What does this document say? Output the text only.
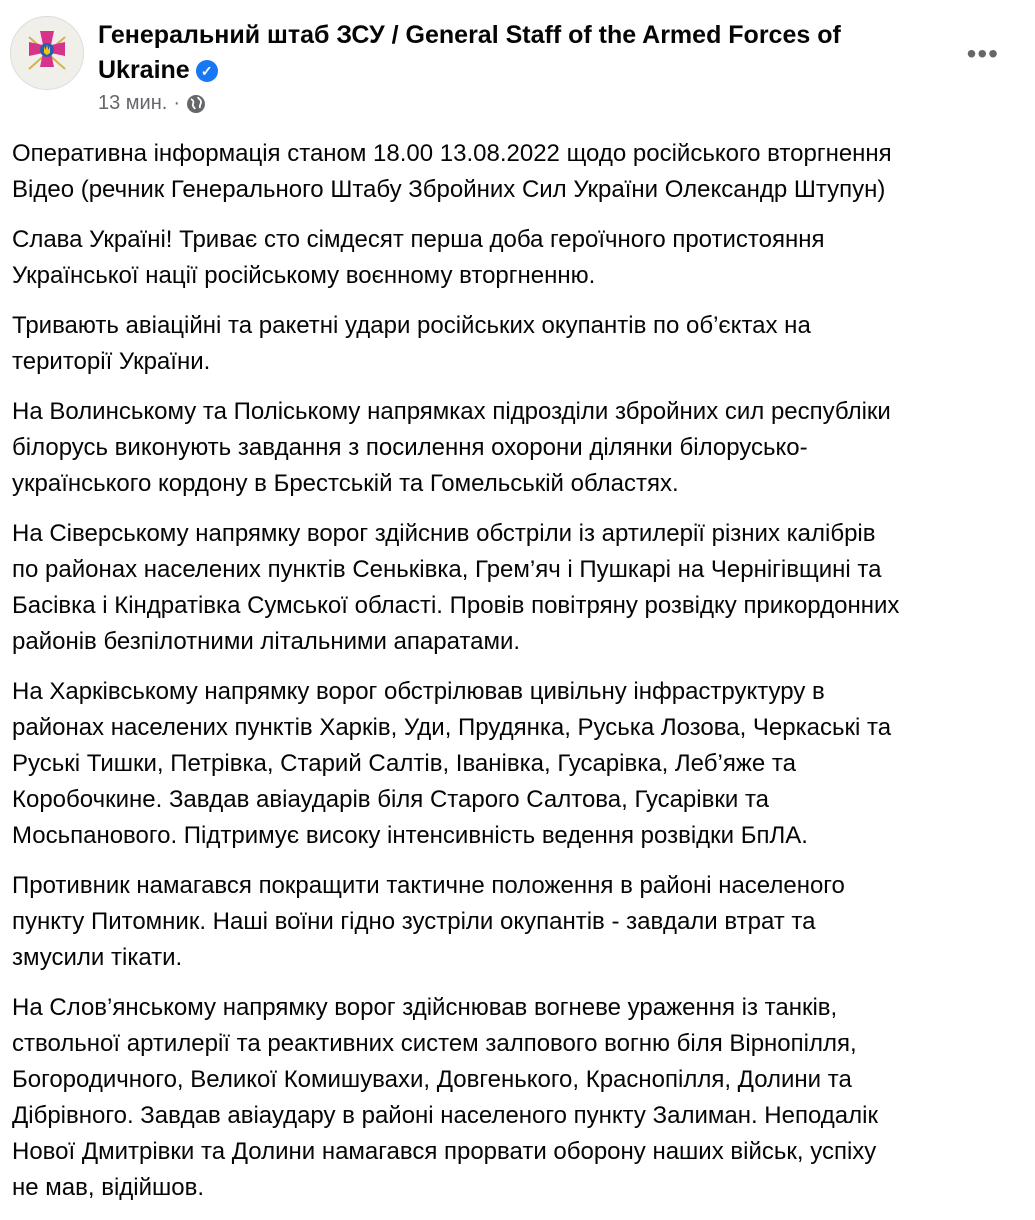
Генеральний штаб ЗСУ / General Staff of the Armed Forces of
Ukraine ✓
13 мин. ·
•••
Оперативна інформація станом 18.00 13.08.2022 щодо російського вторгнення
Відео (речник Генерального Штабу Збройних Сил України Олександр Штупун)
Слава Україні! Триває сто сімдесят перша доба героїчного протистояння
Української нації російському воєнному вторгненню.
Тривають авіаційні та ракетні удари російських окупантів по об’єктах на
території України.
На Волинському та Поліському напрямках підрозділи збройних сил республіки
білорусь виконують завдання з посилення охорони ділянки білорусько-
українського кордону в Брестській та Гомельській областях.
На Сіверському напрямку ворог здійснив обстріли із артилерії різних калібрів
по районах населених пунктів Сеньківка, Грем’яч і Пушкарі на Чернігівщині та
Басівка і Кіндратівка Сумської області. Провів повітряну розвідку прикордонних
районів безпілотними літальними апаратами.
На Харківському напрямку ворог обстрілював цивільну інфраструктуру в
районах населених пунктів Харків, Уди, Прудянка, Руська Лозова, Черкаські та
Руські Тишки, Петрівка, Старий Салтів, Іванівка, Гусарівка, Леб’яже та
Коробочкине. Завдав авіаударів біля Старого Салтова, Гусарівки та
Мосьпанового. Підтримує високу інтенсивність ведення розвідки БпЛА.
Противник намагався покращити тактичне положення в районі населеного
пункту Питомник. Наші воїни гідно зустріли окупантів - завдали втрат та
змусили тікати.
На Слов’янському напрямку ворог здійснював вогневе ураження із танків,
ствольної артилерії та реактивних систем залпового вогню біля Вірнопілля,
Богородичного, Великої Комишувахи, Довгенького, Краснопілля, Долини та
Дібрівного. Завдав авіаудару в районі населеного пункту Залиман. Неподалік
Нової Дмитрівки та Долини намагався прорвати оборону наших військ, успіху
не мав, відійшов.
